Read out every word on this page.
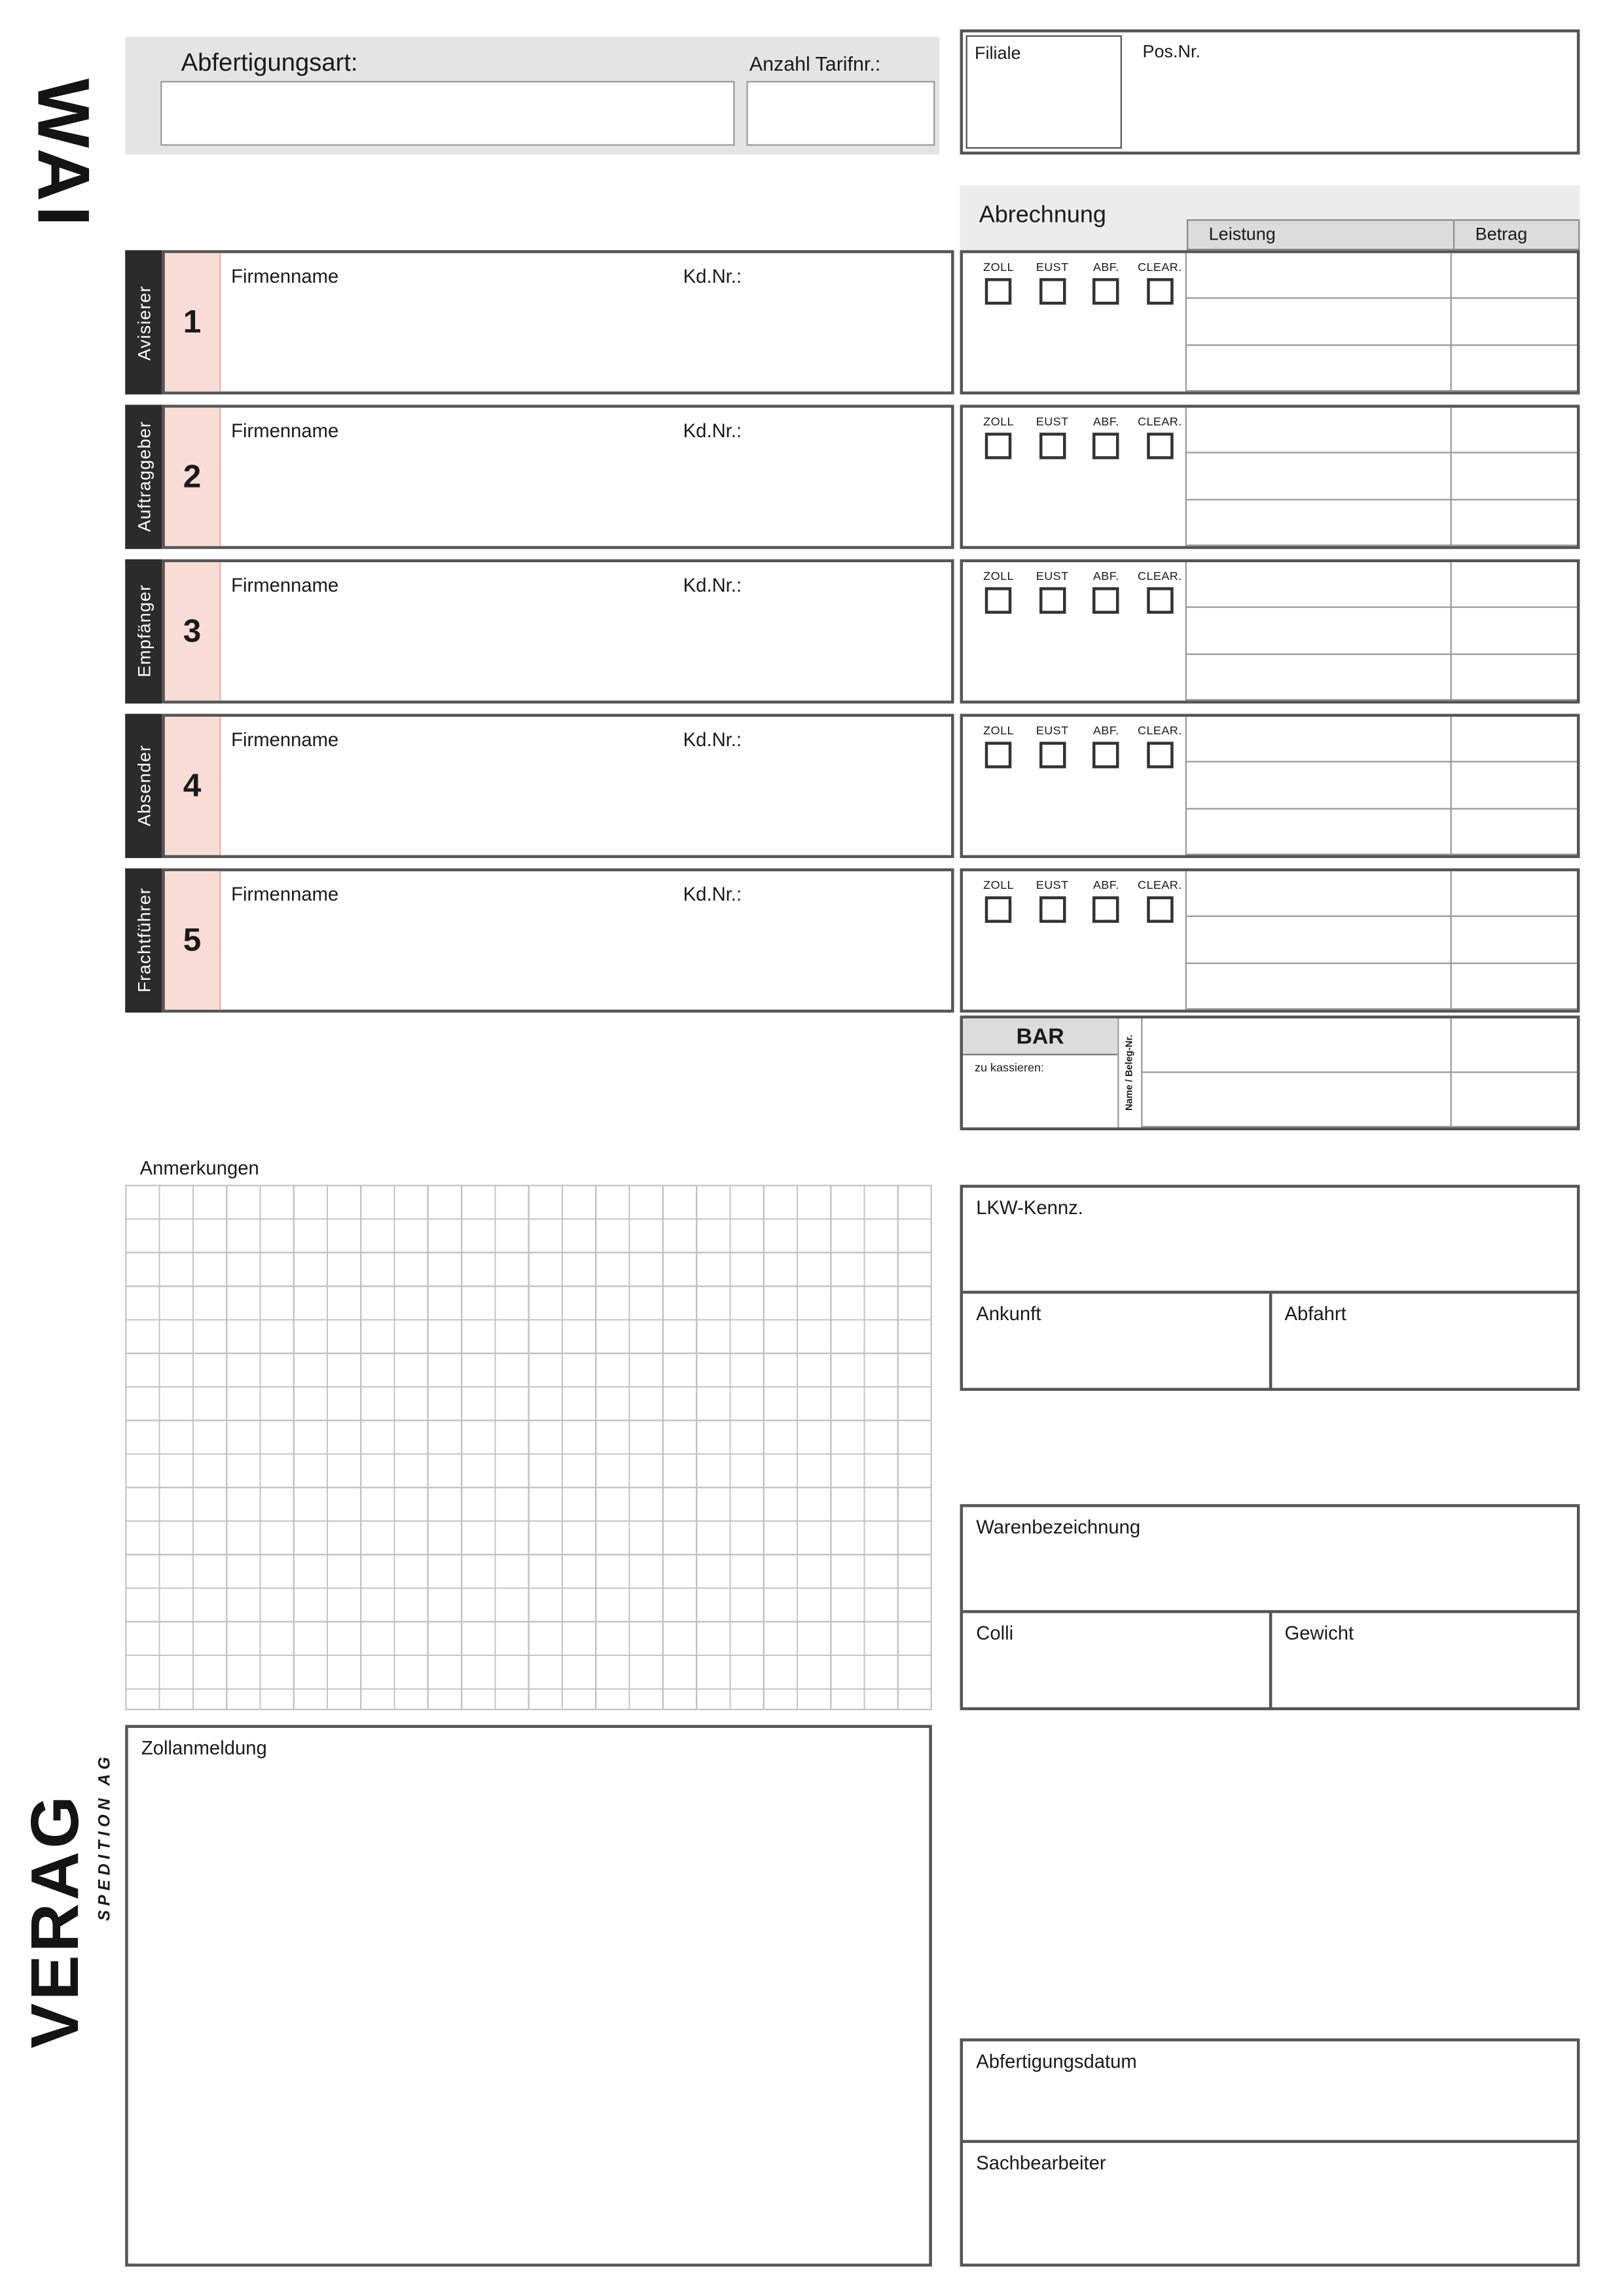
WAI
VERAG SPEDITION AG
Abfertigungsart:	Anzahl Tarifnr.:	Filiale	Pos.Nr.
Abrechnung
Leistung	Betrag
Avisierer 1
Firmenname	Kd.Nr.:	ZOLL	EUST	ABF.	CLEAR.
Auftraggeber 2
Firmenname	Kd.Nr.:	ZOLL	EUST	ABF.	CLEAR.
Empfänger 3
Firmenname	Kd.Nr.:	ZOLL	EUST	ABF.	CLEAR.
Absender 4
Firmenname	Kd.Nr.:	ZOLL	EUST	ABF.	CLEAR.
Frachtführer 5
Firmenname	Kd.Nr.:	ZOLL	EUST	ABF.	CLEAR.
BAR
zu kassieren:	Name / Beleg-Nr.
Anmerkungen
LKW-Kennz.
Ankunft	Abfahrt
Warenbezeichnung
Colli	Gewicht
Zollanmeldung
Abfertigungsdatum
Sachbearbeiter
